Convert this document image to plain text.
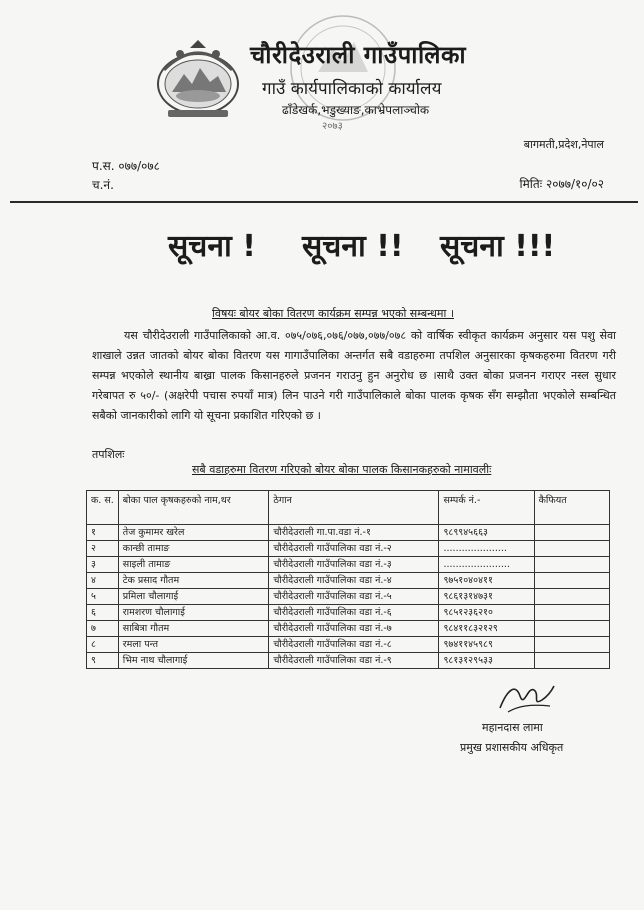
चौरीदेउराली गाउँपालिका
गाउँ कार्यपालिकाको कार्यालय
ढाँडेखर्क,भडुख्याङ,काभ्रेपलाञ्चोक
२०७३
बागमती,प्रदेश,नेपाल
प.स. ०७७/०७८
च.नं.	मितिः २०७७/१०/०२
सूचना ! सूचना !! सूचना !!!
विषयः बोयर बोका वितरण कार्यक्रम सम्पन्न भएको सम्बन्धमा ।

यस चौरीदेउराली गाउँपालिकाको आ.व. ०७५/०७६,०७६/०७७,०७७/०७८ को वार्षिक स्वीकृत कार्यक्रम अनुसार यस पशु सेवा शाखाले उन्नत जातको बोयर बोका वितरण यस गागाउँपालिका अन्तर्गत सबै वडाहरुमा तपशिल अनुसारका कृषकहरुमा वितरण गरी सम्पन्न भएकोले स्थानीय बाख्रा पालक किसानहरुले प्रजनन गराउनु हुन अनुरोध छ ।साथै उक्त बोका प्रजनन गराएर नस्ल सुधार गरेबापत रु ५०/- (अक्षरेपी पचास रुपयाँ मात्र) लिन पाउने गरी गाउँपालिकाले बोका पालक कृषक सँग सम्झौता भएकोले सम्बन्धित सबैको जानकारीको लागि यो सूचना प्रकाशित गरिएको छ ।

तपशिलः
सबै वडाहरुमा वितरण गरिएको बोयर बोका पालक किसानकहरुको नामावलीः
क. स.	बोका पाल कृषकहरुको नाम,थर	ठेगान	सम्पर्क नं.-	कैफियत
१	तेज कुमामर खरेल	चौरीदेउराली गा.पा.वडा नं.-१	९८९९४५६६३	
२	कान्छी तामाङ	चौरीदेउराली गाउँपालिका वडा नं.-२	.....................	
३	साइली तामाङ	चौरीदेउराली गाउँपालिका वडा नं.-३	......................	
४	टेक प्रसाद गौतम	चौरीदेउराली गाउँपालिका वडा नं.-४	९७५१०४०४११	
५	प्रमिला चौलागाई	चौरीदेउराली गाउँपालिका वडा नं.-५	९८६१३१४७३१	
६	रामशरण चौलागाई	चौरीदेउराली गाउँपालिका वडा नं.-६	९८५१२३६२१०	
७	साबित्रा गौतम	चौरीदेउराली गाउँपालिका वडा नं.-७	९८४११८३२१२९	
८	रमला पन्त	चौरीदेउराली गाउँपालिका वडा नं.-८	९७४११४५९८९	
९	भिम नाथ चौलागाई	चौरीदेउराली गाउँपालिका वडा नं.-९	९८१३१२९५३३	
महानदास लामा
प्रमुख प्रशासकीय अधिकृत
